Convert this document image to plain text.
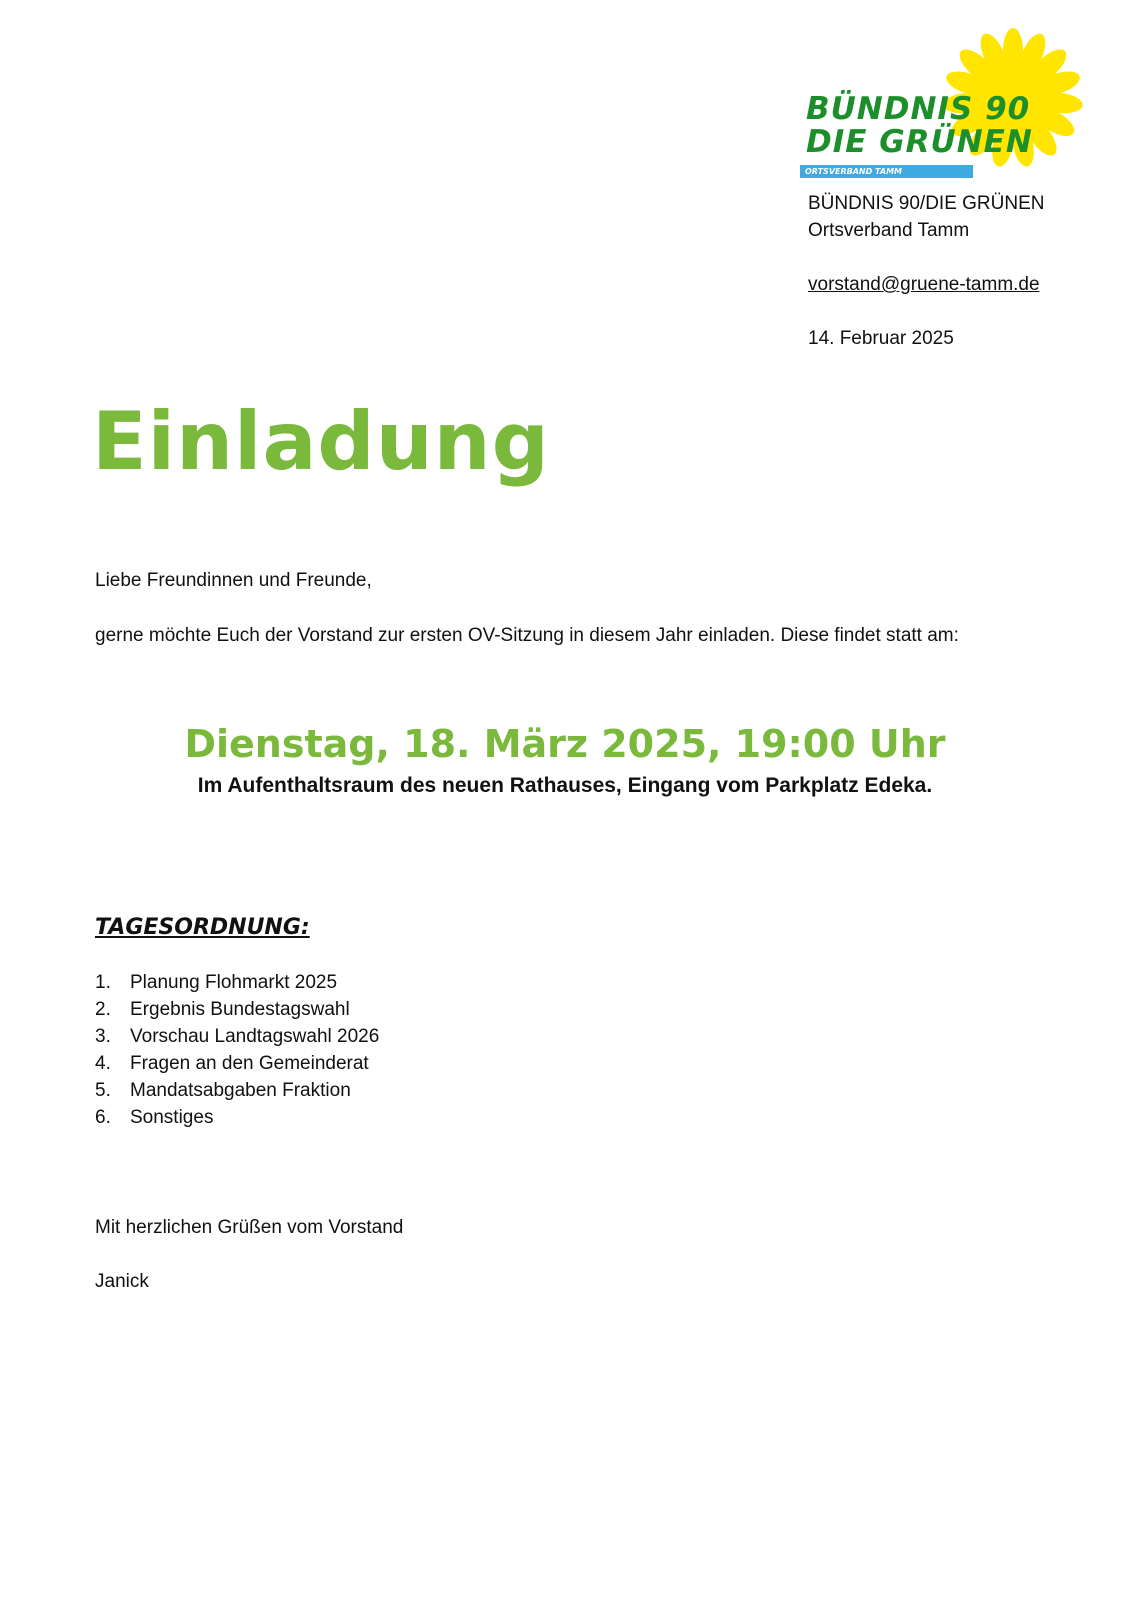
BÜNDNIS 90
DIE GRÜNEN
ORTSVERBAND TAMM
BÜNDNIS 90/DIE GRÜNEN
Ortsverband Tamm
vorstand@gruene-tamm.de
14. Februar 2025
Einladung
Liebe Freundinnen und Freunde,
gerne möchte Euch der Vorstand zur ersten OV-Sitzung in diesem Jahr einladen. Diese findet statt am:
Dienstag, 18. März 2025, 19:00 Uhr
Im Aufenthaltsraum des neuen Rathauses, Eingang vom Parkplatz Edeka.
TAGESORDNUNG:
1.	Planung Flohmarkt 2025
2.	Ergebnis Bundestagswahl
3.	Vorschau Landtagswahl 2026
4.	Fragen an den Gemeinderat
5.	Mandatsabgaben Fraktion
6.	Sonstiges
Mit herzlichen Grüßen vom Vorstand
Janick
